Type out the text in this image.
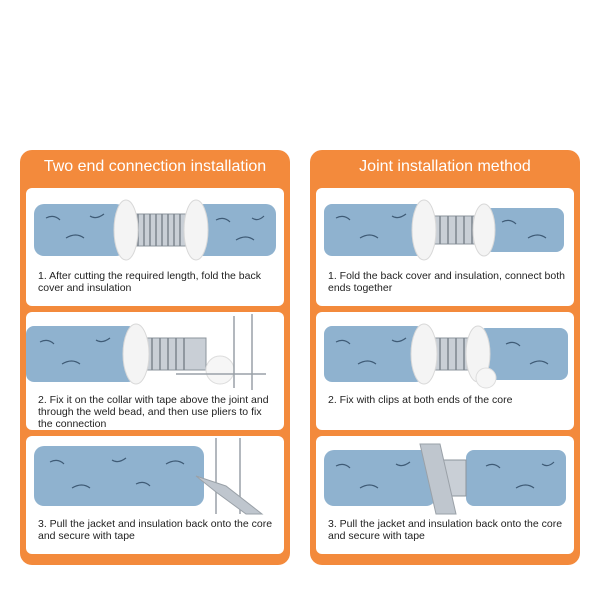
Two end connection installation
1. After cutting the required length, fold the back cover and insulation
2. Fix it on the collar with tape above the joint and through the weld bead, and then use pliers to fix the connection
3. Pull the jacket and insulation back onto the core and secure with tape
Joint installation method
1. Fold the back cover and insulation, connect both ends together
2. Fix with clips at both ends of the core
3. Pull the jacket and insulation back onto the core and secure with tape
